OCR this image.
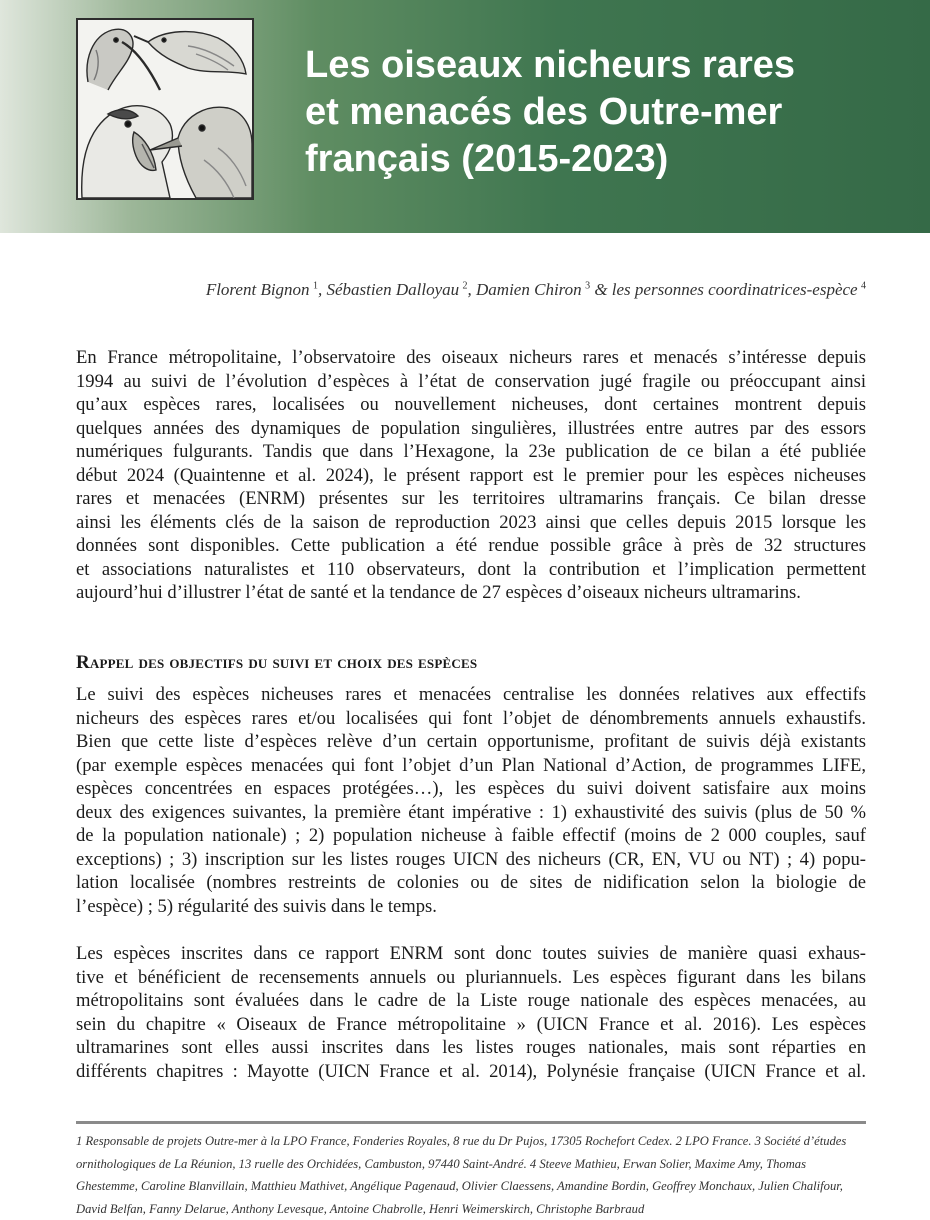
Les oiseaux nicheurs rares
et menacés des Outre-mer
français (2015-2023)
Florent Bignon  $^1$, Sébastien Dalloyau  $^2$, Damien Chiron  $^3$ & les personnes coordinatrices-espèce  $^4$

En France métropolitaine, l’observatoire des oiseaux nicheurs rares et menacés s’intéresse depuis
1994 au suivi de l’évolution d’espèces à l’état de conservation jugé fragile ou préoccupant ainsi
qu’aux espèces rares, localisées ou nouvellement nicheuses, dont certaines montrent depuis
quelques années des dynamiques de population singulières, illustrées entre autres par des essors
numériques fulgurants. Tandis que dans l’Hexagone, la 23e publication de ce bilan a été publiée
début 2024 (Quaintenne et al. 2024), le présent rapport est le premier pour les espèces nicheuses
rares et menacées (ENRM) présentes sur les territoires ultramarins français. Ce bilan dresse
ainsi les éléments clés de la saison de reproduction 2023 ainsi que celles depuis 2015 lorsque les
données sont disponibles. Cette publication a été rendue possible grâce à près de 32 structures
et associations naturalistes et 110 observateurs, dont la contribution et l’implication permettent
aujourd’hui d’illustrer l’état de santé et la tendance de 27 espèces d’oiseaux nicheurs ultramarins.

Rappel des objectifs du suivi et choix des espèces

Le suivi des espèces nicheuses rares et menacées centralise les données relatives aux effectifs
nicheurs des espèces rares et/ou localisées qui font l’objet de dénombrements annuels exhaustifs.
Bien que cette liste d’espèces relève d’un certain opportunisme, profitant de suivis déjà existants
(par exemple espèces menacées qui font l’objet d’un Plan National d’Action, de programmes LIFE,
espèces concentrées en espaces protégées…), les espèces du suivi doivent satisfaire aux moins
deux des exigences suivantes, la première étant impérative : 1) exhaustivité des suivis (plus de 50 %
de la population nationale) ; 2) population nicheuse à faible effectif (moins de 2 000 couples, sauf
exceptions) ; 3) inscription sur les listes rouges UICN des nicheurs (CR, EN, VU ou NT) ; 4) popu-
lation localisée (nombres restreints de colonies ou de sites de nidification selon la biologie de
l’espèce) ; 5) régularité des suivis dans le temps.

Les espèces inscrites dans ce rapport ENRM sont donc toutes suivies de manière quasi exhaus-
tive et bénéficient de recensements annuels ou pluriannuels. Les espèces figurant dans les bilans
métropolitains sont évaluées dans le cadre de la Liste rouge nationale des espèces menacées, au
sein du chapitre « Oiseaux de France métropolitaine » (UICN France et al. 2016). Les espèces
ultramarines sont elles aussi inscrites dans les listes rouges nationales, mais sont réparties en
différents chapitres : Mayotte (UICN France et al. 2014), Polynésie française (UICN France et al.

1 Responsable de projets Outre-mer à la LPO France, Fonderies Royales, 8 rue du Dr Pujos, 17305 Rochefort Cedex. 2 LPO France. 3 Société d’études
ornithologiques de La Réunion, 13 ruelle des Orchidées, Cambuston, 97440 Saint-André. 4 Steeve Mathieu, Erwan Solier, Maxime Amy, Thomas
Ghestemme, Caroline Blanvillain, Matthieu Mathivet, Angélique Pagenaud, Olivier Claessens, Amandine Bordin, Geoffrey Monchaux, Julien Chalifour,
David Belfan, Fanny Delarue, Anthony Levesque, Antoine Chabrolle, Henri Weimerskirch, Christophe Barbraud
